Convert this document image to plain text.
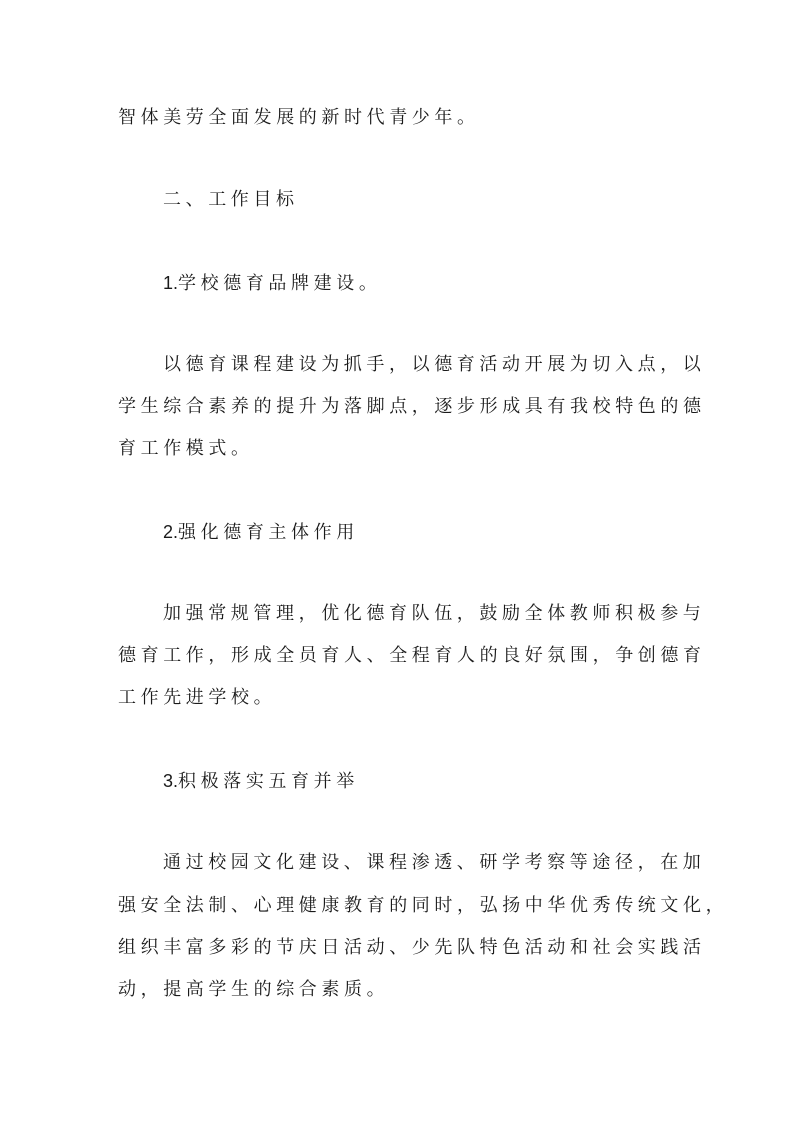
智体美劳全面发展的新时代青少年。
二、工作目标
1.学校德育品牌建设。
以德育课程建设为抓手，以德育活动开展为切入点，以
学生综合素养的提升为落脚点，逐步形成具有我校特色的德
育工作模式。
2.强化德育主体作用
加强常规管理，优化德育队伍，鼓励全体教师积极参与
德育工作，形成全员育人、全程育人的良好氛围，争创德育
工作先进学校。
3.积极落实五育并举
通过校园文化建设、课程渗透、研学考察等途径，在加
强安全法制、心理健康教育的同时，弘扬中华优秀传统文化，
组织丰富多彩的节庆日活动、少先队特色活动和社会实践活
动，提高学生的综合素质。
